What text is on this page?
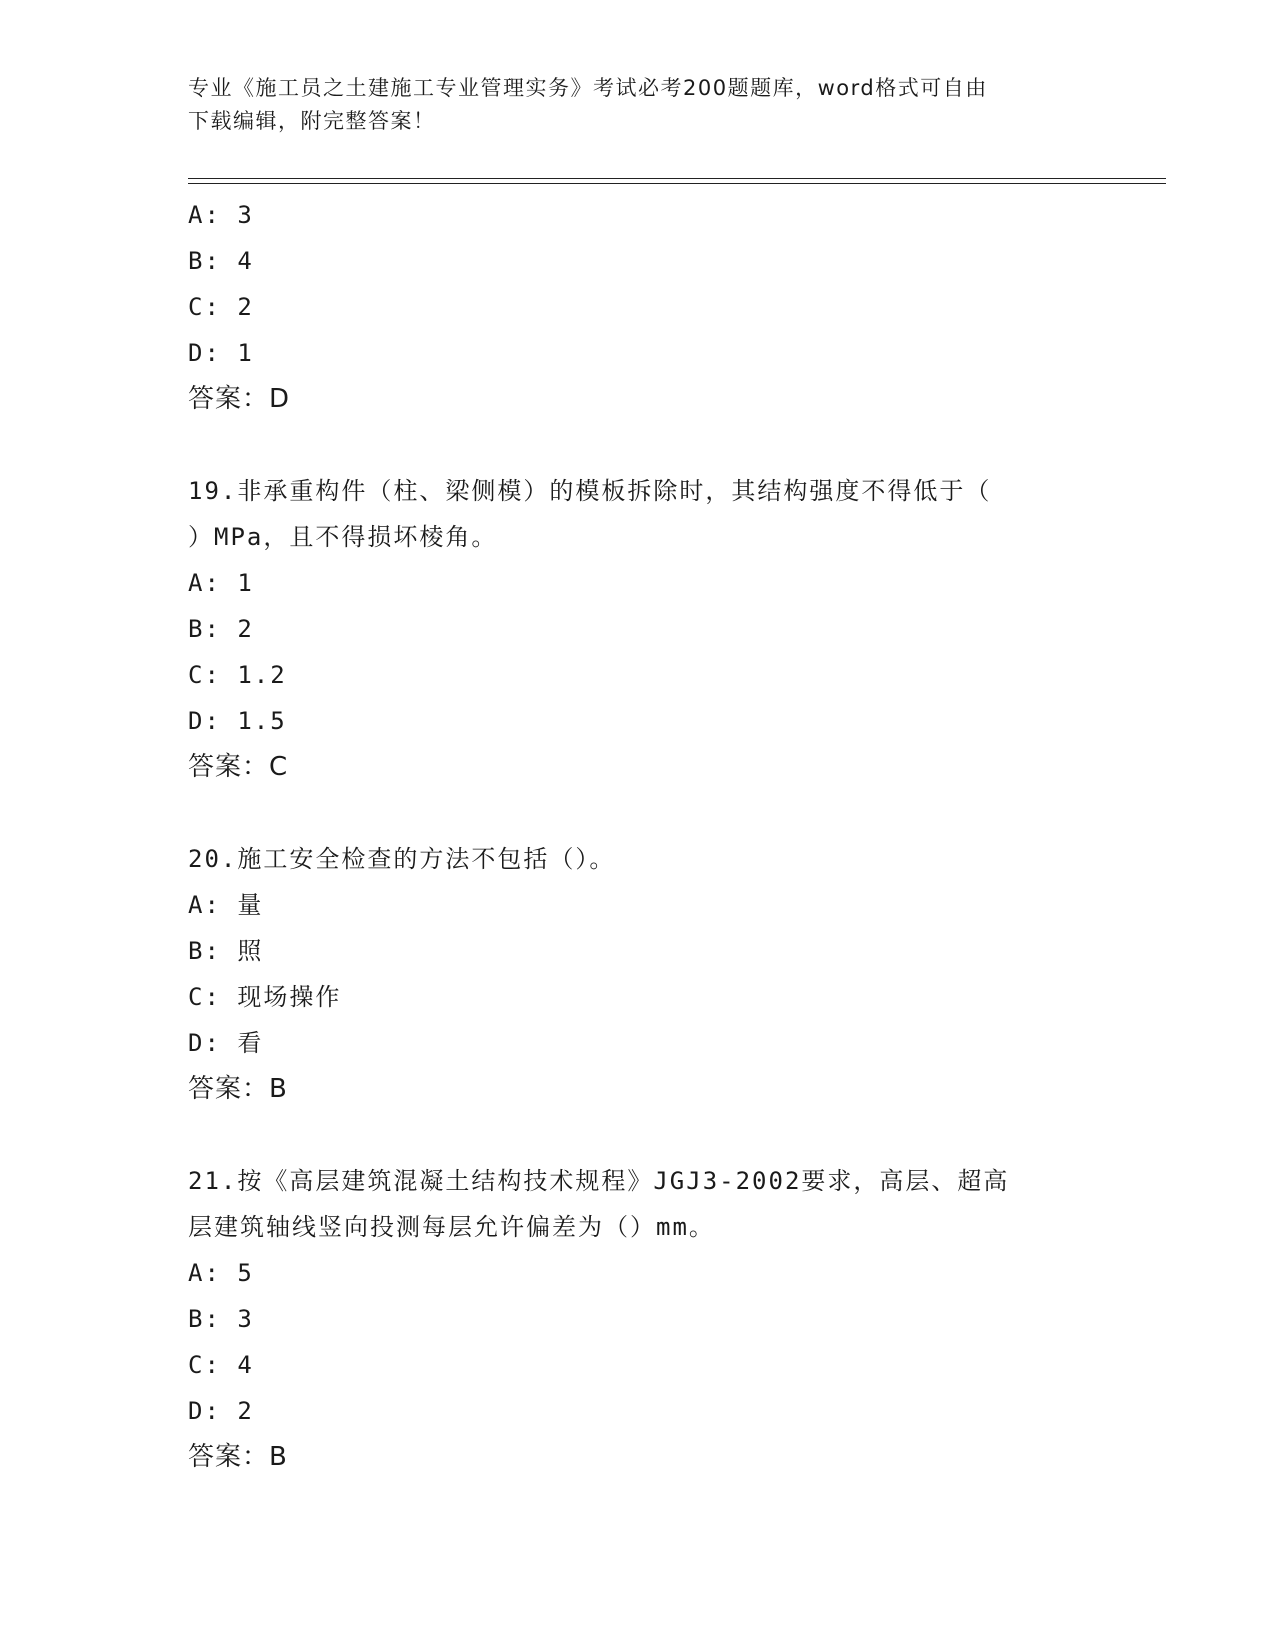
专业《施工员之土建施工专业管理实务》考试必考200题题库，word格式可自由
下载编辑，附完整答案！
A: 3
B: 4
C: 2
D: 1
答案：D
19.非承重构件（柱、梁侧模）的模板拆除时，其结构强度不得低于（
）MPa，且不得损坏棱角。
A: 1
B: 2
C: 1.2
D: 1.5
答案：C
20.施工安全检查的方法不包括（）。
A: 量
B: 照
C: 现场操作
D: 看
答案：B
21.按《高层建筑混凝土结构技术规程》JGJ3-2002要求，高层、超高
层建筑轴线竖向投测每层允许偏差为（）mm。
A: 5
B: 3
C: 4
D: 2
答案：B
